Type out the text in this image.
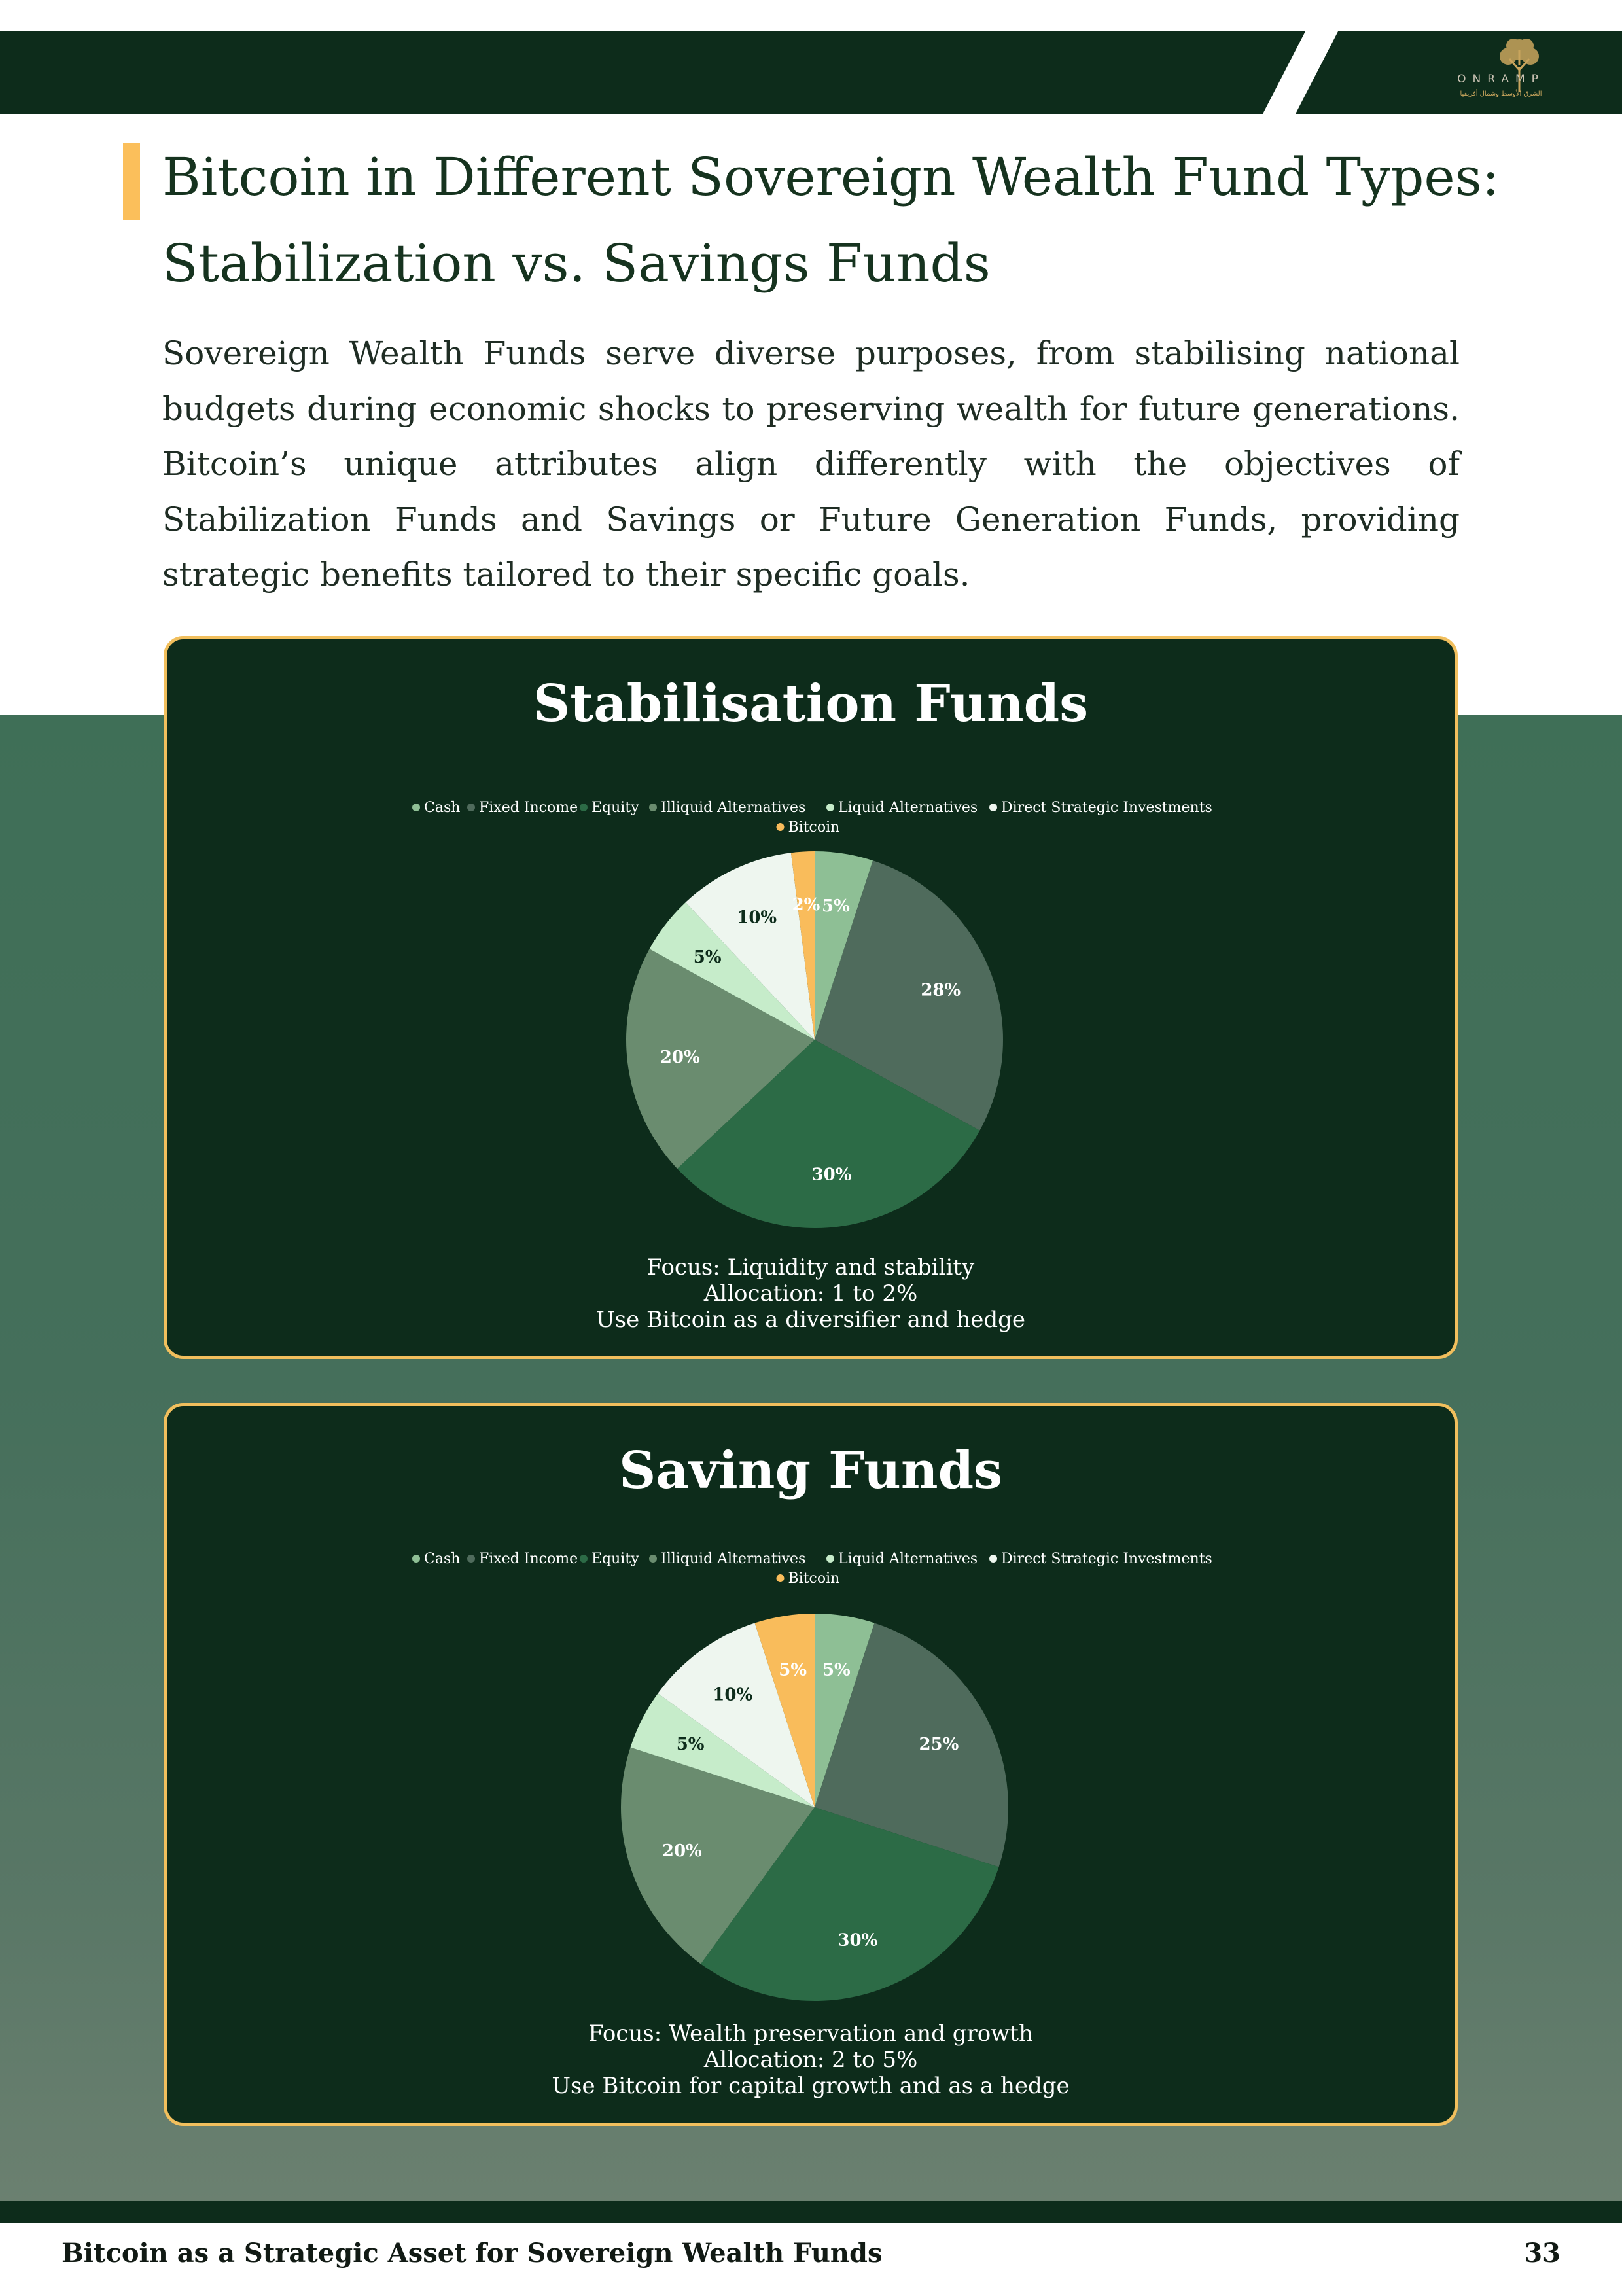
ONRAMP
الشرق الأوسط وشمال أفريقيا
Bitcoin in Different Sovereign Wealth Fund Types:
Stabilization vs. Savings Funds

Sovereign Wealth Funds serve diverse purposes, from stabilising national budgets during economic shocks to preserving wealth for future generations. Bitcoin’s unique attributes align differently with the objectives of Stabilization Funds and Savings or Future Generation Funds, providing strategic benefits tailored to their specific goals.

Stabilisation Funds
Cash Fixed Income Equity Illiquid Alternatives Liquid Alternatives Direct Strategic Investments
Bitcoin
5%
28%
30%
20%
5%
10%
2%
Focus: Liquidity and stability
Allocation: 1 to 2%
Use Bitcoin as a diversifier and hedge
Saving Funds
Cash Fixed Income Equity Illiquid Alternatives Liquid Alternatives Direct Strategic Investments
Bitcoin
5%
25%
30%
20%
5%
10%
5%
Focus: Wealth preservation and growth
Allocation: 2 to 5%
Use Bitcoin for capital growth and as a hedge
Bitcoin as a Strategic Asset for Sovereign Wealth Funds	33
